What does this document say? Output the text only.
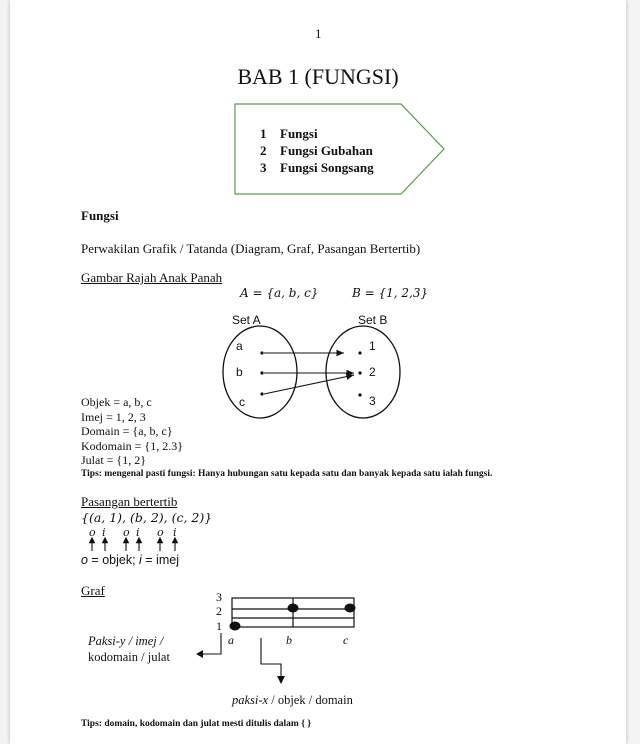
1
BAB 1 (FUNGSI)
1 Fungsi
2 Fungsi Gubahan
3 Fungsi Songsang
Fungsi
Perwakilan Grafik / Tatanda (Diagram, Graf, Pasangan Bertertib)
Gambar Rajah Anak Panah
A = {a, b, c}	B = {1, 2,3}
Set A	Set B
a
b
c
1
2
3
Objek = a, b, c
Imej = 1, 2, 3
Domain = {a, b, c}
Kodomain = {1, 2.3}
Julat = {1, 2}
Tips: mengenal pasti fungsi: Hanya hubungan satu kepada satu dan banyak kepada satu ialah fungsi.
Pasangan bertertib
{(a, 1), (b, 2), (c, 2)}
o i o i o i
o = objek; i = imej
Graf	3
2
1
a	b	c
Paksi-y / imej /
kodomain / julat
paksi-x / objek / domain
Tips: domain, kodomain dan julat mesti ditulis dalam { }
